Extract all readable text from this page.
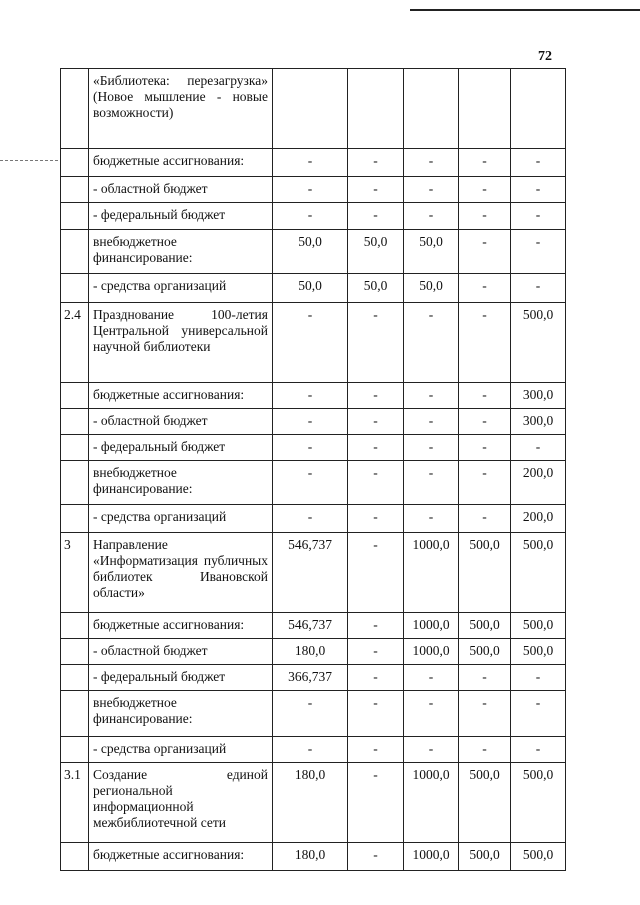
72
	«Библиотека: перезагрузка» (Новое мышление - новые возможности)					
	бюджетные ассигнования:	-	-	-	-	-
	- областной бюджет	-	-	-	-	-
	- федеральный бюджет	-	-	-	-	-
	внебюджетное финансирование:	50,0	50,0	50,0	-	-
	- средства организаций	50,0	50,0	50,0	-	-
2.4	Празднование 100-летия Центральной универсальной научной библиотеки	-	-	-	-	500,0
	бюджетные ассигнования:	-	-	-	-	300,0
	- областной бюджет	-	-	-	-	300,0
	- федеральный бюджет	-	-	-	-	-
	внебюджетное финансирование:	-	-	-	-	200,0
	- средства организаций	-	-	-	-	200,0
3	Направление «Информатизация публичных библиотек Ивановской области»	546,737	-	1000,0	500,0	500,0
	бюджетные ассигнования:	546,737	-	1000,0	500,0	500,0
	- областной бюджет	180,0	-	1000,0	500,0	500,0
	- федеральный бюджет	366,737	-	-	-	-
	внебюджетное финансирование:	-	-	-	-	-
	- средства организаций	-	-	-	-	-
3.1	Создание единой региональной информационной межбиблиотечной сети	180,0	-	1000,0	500,0	500,0
	бюджетные ассигнования:	180,0	-	1000,0	500,0	500,0
